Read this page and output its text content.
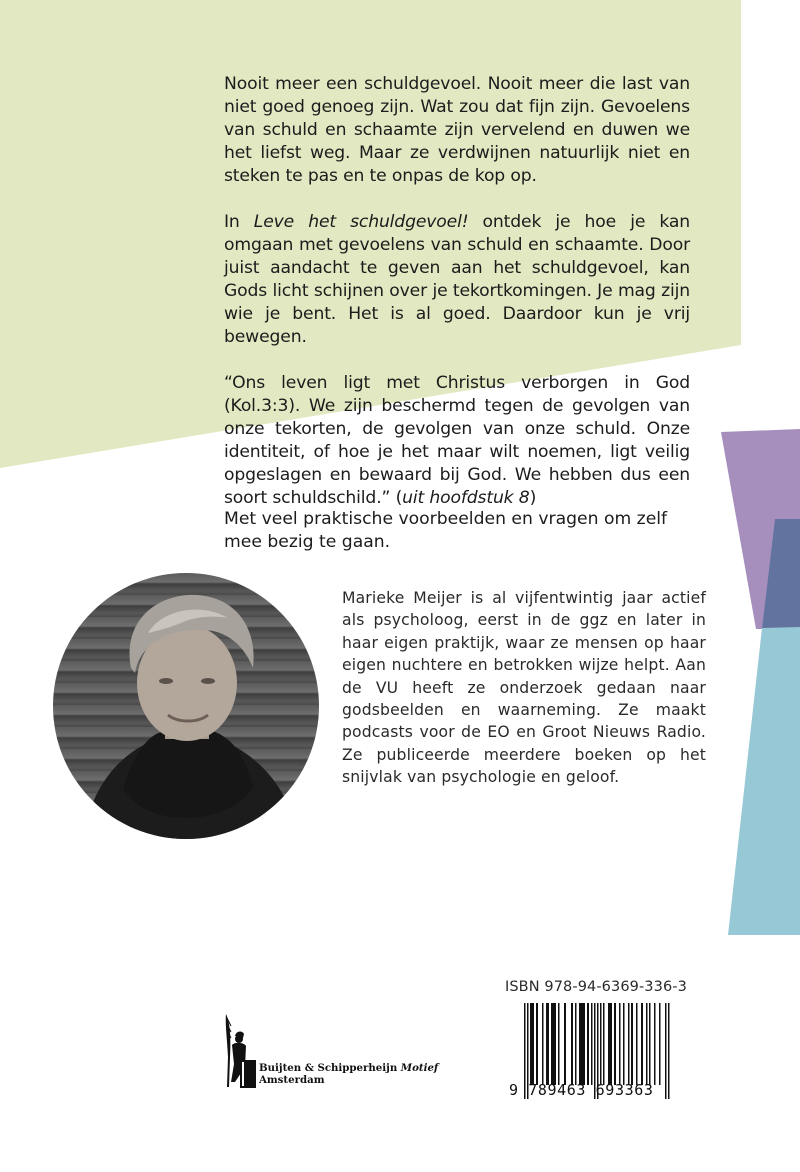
Nooit meer een schuldgevoel. Nooit meer die last van niet goed genoeg zijn. Wat zou dat fijn zijn. Gevoelens van schuld en schaamte zijn vervelend en duwen we het liefst weg. Maar ze verdwijnen natuurlijk niet en steken te pas en te onpas de kop op.

In Leve het schuldgevoel! ontdek je hoe je kan omgaan met gevoelens van schuld en schaamte. Door juist aandacht te geven aan het schuldgevoel, kan Gods licht schijnen over je tekortkomingen. Je mag zijn wie je bent. Het is al goed. Daardoor kun je vrij bewegen.

“Ons leven ligt met Christus verborgen in God (Kol.3:3). We zijn beschermd tegen de gevolgen van onze tekorten, de gevolgen van onze schuld. Onze identiteit, of hoe je het maar wilt noemen, ligt veilig opgeslagen en bewaard bij God. We hebben dus een soort schuldschild.” (uit hoofdstuk 8)

Met veel praktische voorbeelden en vragen om zelf mee bezig te gaan.

Marieke Meijer is al vijfentwintig jaar actief als psycholoog, eerst in de ggz en later in haar eigen praktijk, waar ze mensen op haar eigen nuchtere en betrokken wijze helpt. Aan de VU heeft ze onderzoek gedaan naar godsbeelden en waarneming. Ze maakt podcasts voor de EO en Groot Nieuws Radio. Ze publiceerde meerdere boeken op het snijvlak van psychologie en geloof.

Buijten & Schipperheijn Motief
Amsterdam
ISBN 978-94-6369-336-3
9 789463 693363
